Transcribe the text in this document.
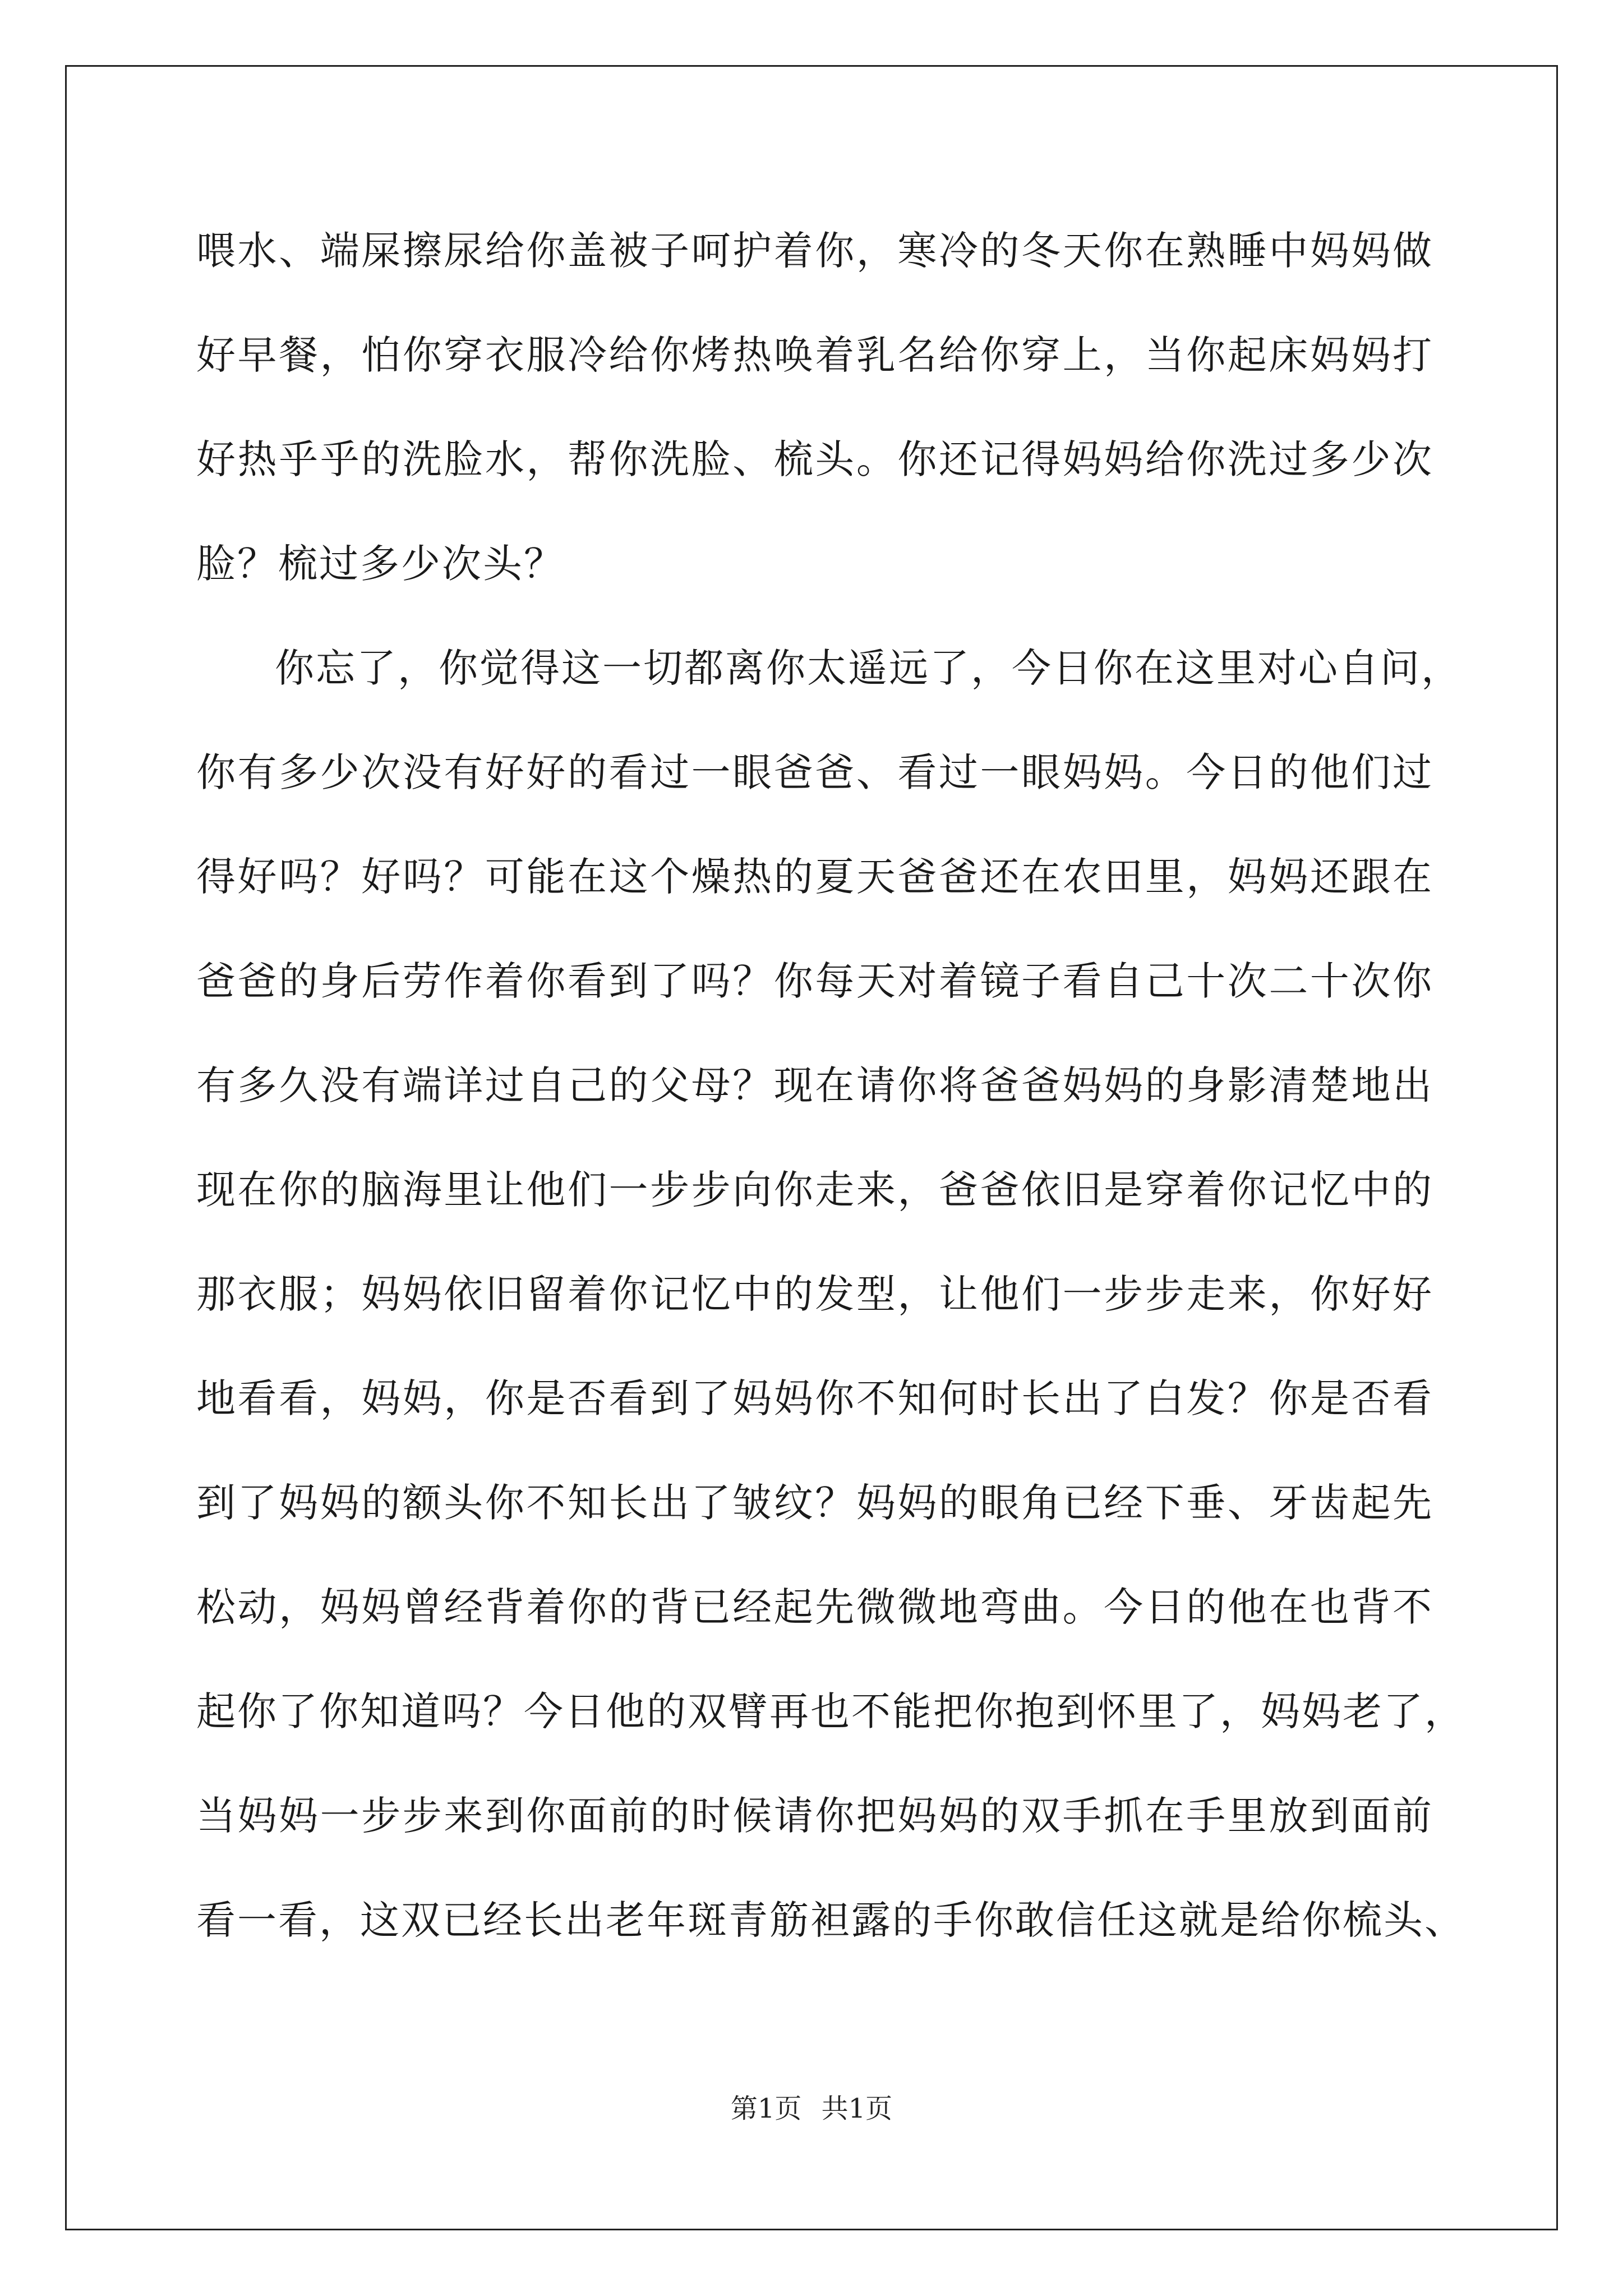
喂水、端屎擦尿给你盖被子呵护着你，寒冷的冬天你在熟睡中妈妈做
好早餐，怕你穿衣服冷给你烤热唤着乳名给你穿上，当你起床妈妈打
好热乎乎的洗脸水，帮你洗脸、梳头。你还记得妈妈给你洗过多少次
脸？梳过多少次头？
你忘了，你觉得这一切都离你太遥远了，今日你在这里对心自问，
你有多少次没有好好的看过一眼爸爸、看过一眼妈妈。今日的他们过
得好吗？好吗？可能在这个燥热的夏天爸爸还在农田里，妈妈还跟在
爸爸的身后劳作着你看到了吗？你每天对着镜子看自己十次二十次你
有多久没有端详过自己的父母？现在请你将爸爸妈妈的身影清楚地出
现在你的脑海里让他们一步步向你走来，爸爸依旧是穿着你记忆中的
那衣服；妈妈依旧留着你记忆中的发型，让他们一步步走来，你好好
地看看，妈妈，你是否看到了妈妈你不知何时长出了白发？你是否看
到了妈妈的额头你不知长出了皱纹？妈妈的眼角已经下垂、牙齿起先
松动，妈妈曾经背着你的背已经起先微微地弯曲。今日的他在也背不
起你了你知道吗？今日他的双臂再也不能把你抱到怀里了，妈妈老了，
当妈妈一步步来到你面前的时候请你把妈妈的双手抓在手里放到面前
看一看，这双已经长出老年斑青筋袒露的手你敢信任这就是给你梳头、
第1页 共1页
